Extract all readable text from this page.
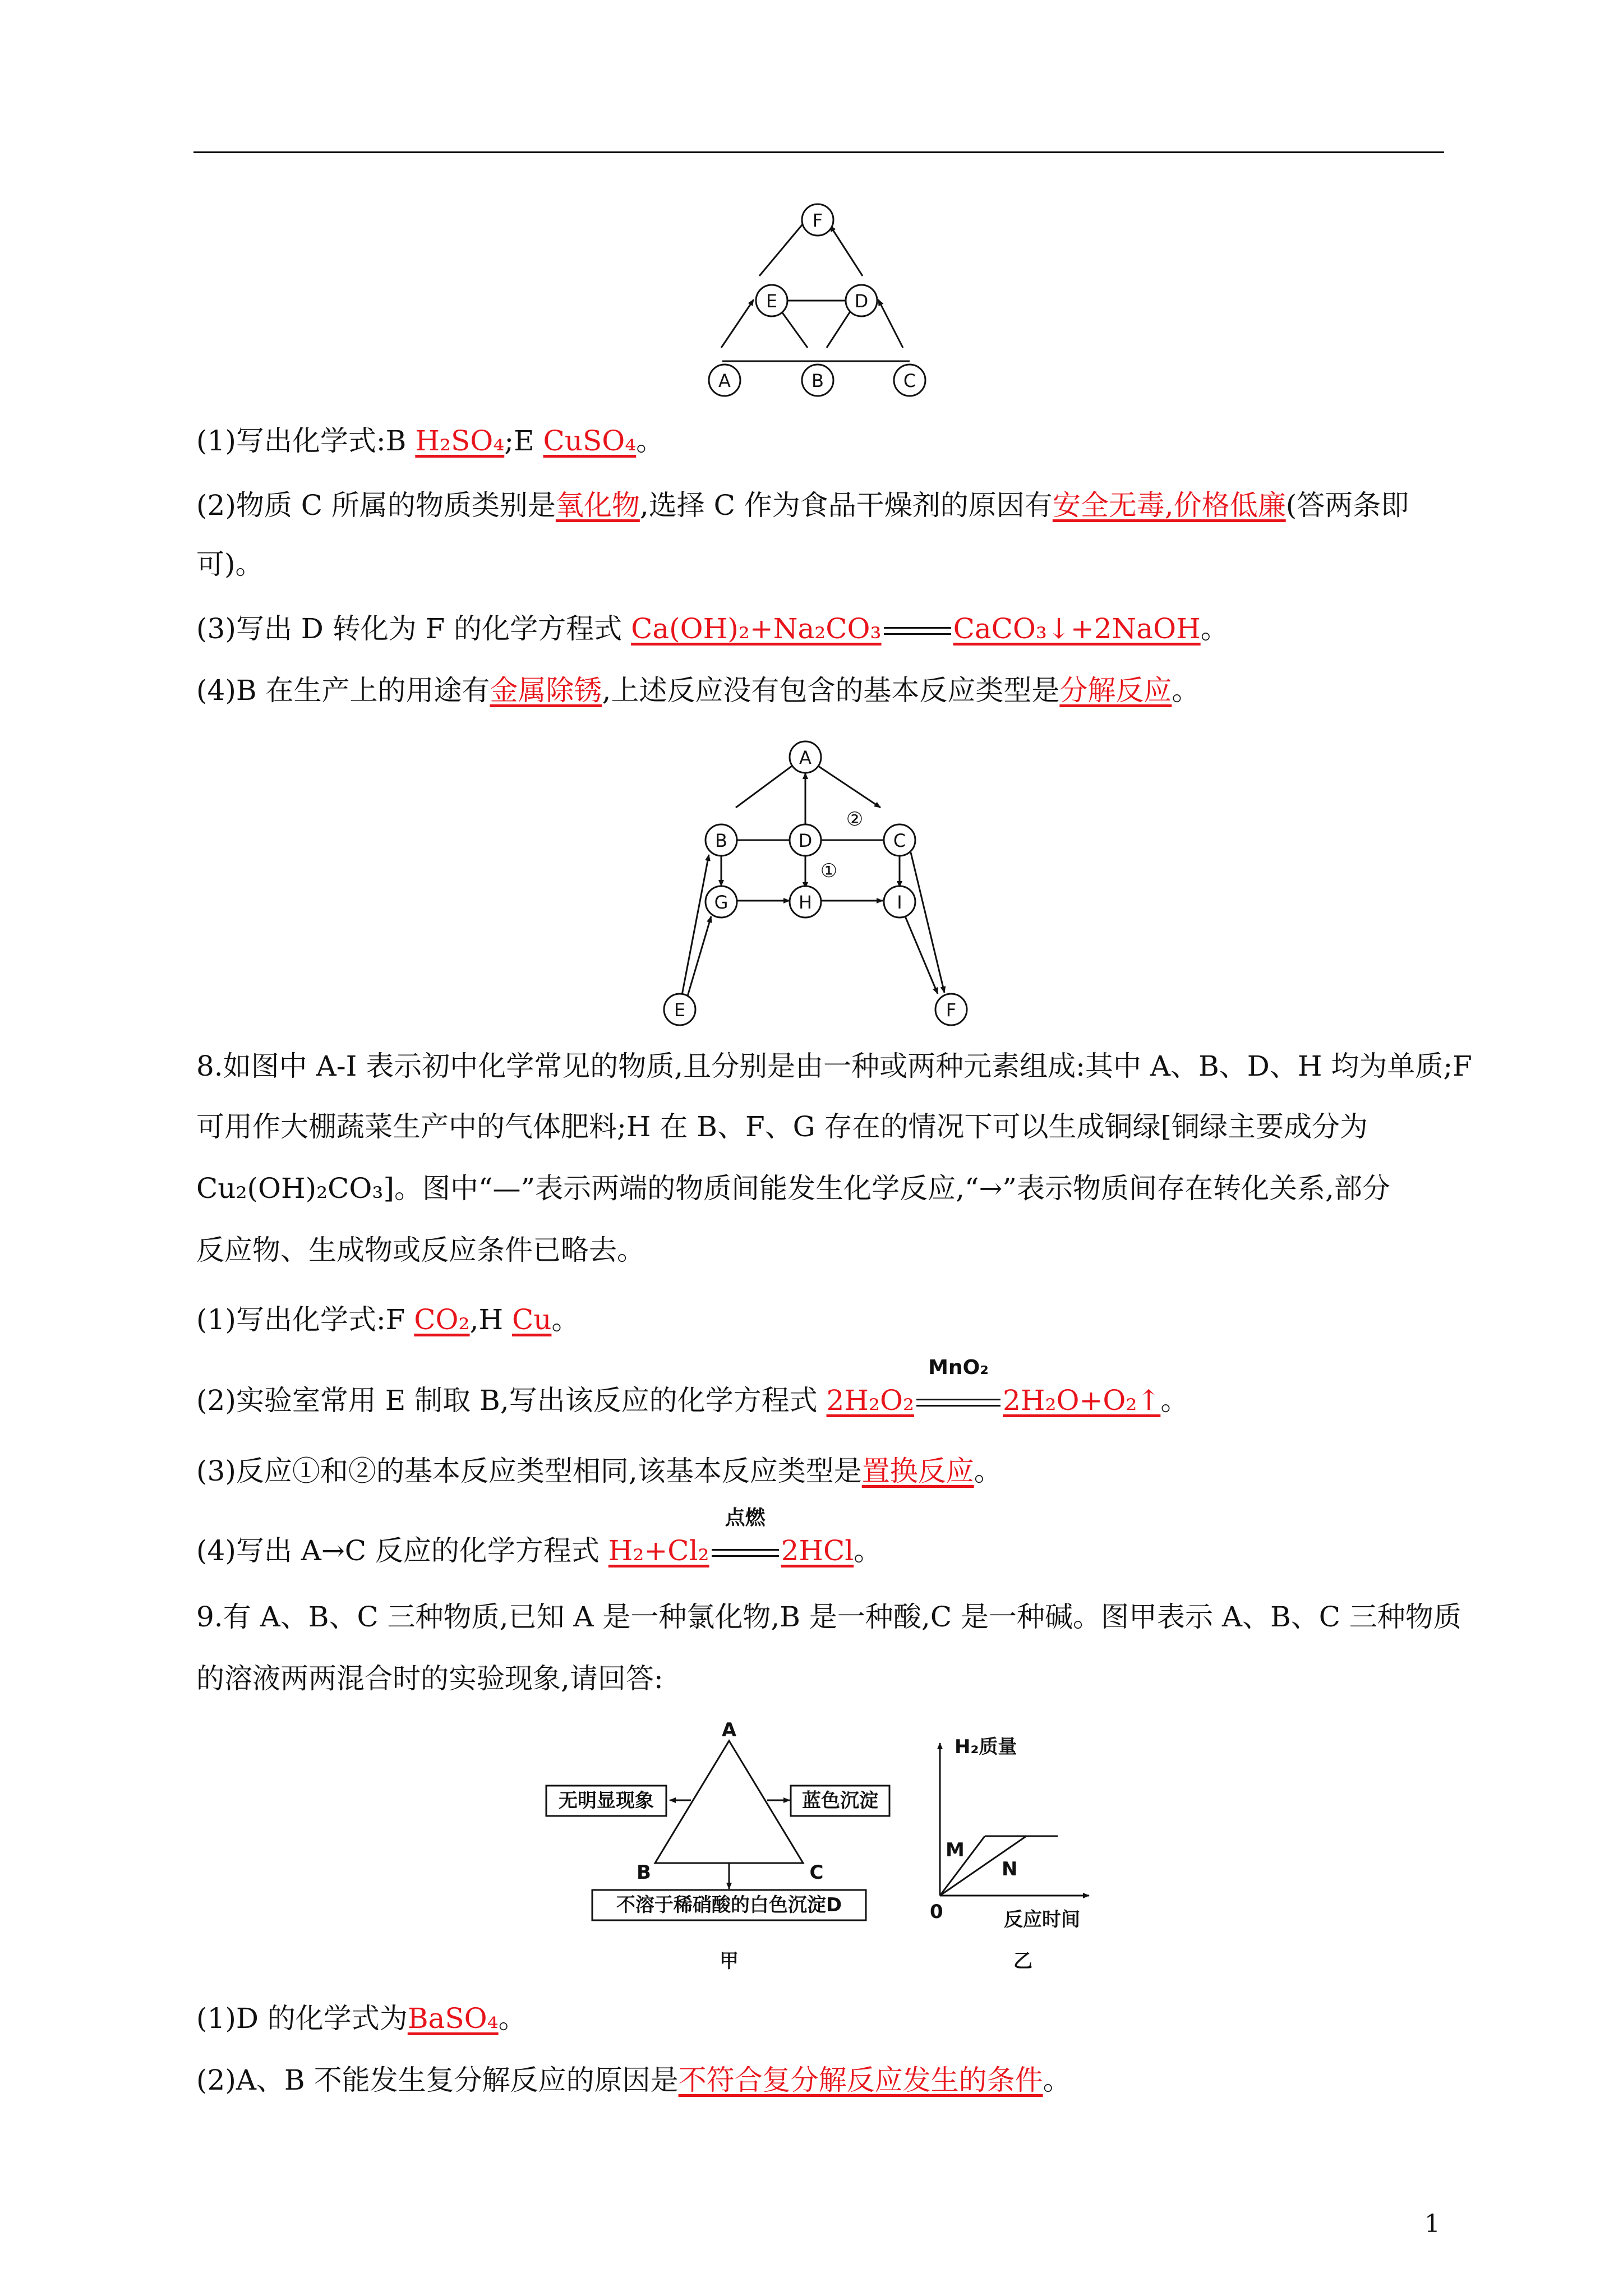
F
E	D
A	B	C
(1)写出化学式:B H₂SO₄;E CuSO₄。
(2)物质 C 所属的物质类别是氧化物,选择 C 作为食品干燥剂的原因有安全无毒,价格低廉(答两条即
可)。
(3)写出 D 转化为 F 的化学方程式 Ca(OH)₂+Na₂CO₃	CaCO₃↓+2NaOH。
(4)B 在生产上的用途有金属除锈,上述反应没有包含的基本反应类型是分解反应。
A
B	D	C
G	H	I
E	F
①
②
8.如图中 A-I 表示初中化学常见的物质,且分别是由一种或两种元素组成:其中 A、B、D、H 均为单质;F
可用作大棚蔬菜生产中的气体肥料;H 在 B、F、G 存在的情况下可以生成铜绿[铜绿主要成分为
Cu₂(OH)₂CO₃]。图中“—”表示两端的物质间能发生化学反应,“→”表示物质间存在转化关系,部分
反应物、生成物或反应条件已略去。
(1)写出化学式:F CO₂,H Cu。
(2)实验室常用 E 制取 B,写出该反应的化学方程式 2H₂O₂
MnO₂
2H₂O+O₂↑。
(3)反应①和②的基本反应类型相同,该基本反应类型是置换反应。
(4)写出 A→C 反应的化学方程式 H₂+Cl₂
点燃
2HCl。
9.有 A、B、C 三种物质,已知 A 是一种氯化物,B 是一种酸,C 是一种碱。图甲表示 A、B、C 三种物质
的溶液两两混合时的实验现象,请回答:
A
B	C
无明显现象	蓝色沉淀
不溶于稀硝酸的白色沉淀D
甲
H₂质量
反应时间
0
M
N
乙
(1)D 的化学式为BaSO₄。
(2)A、B 不能发生复分解反应的原因是不符合复分解反应发生的条件。
1
